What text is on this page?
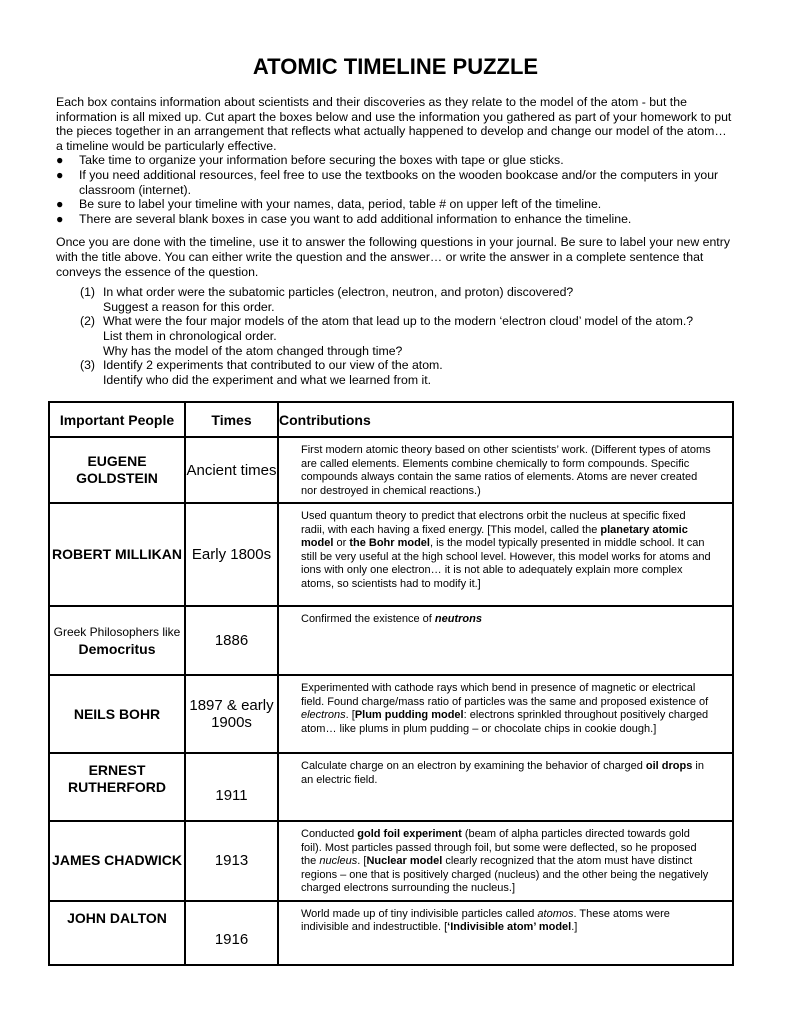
ATOMIC TIMELINE PUZZLE

Each box contains information about scientists and their discoveries as they relate to the model of the atom - but the information is all mixed up. Cut apart the boxes below and use the information you gathered as part of your homework to put the pieces together in an arrangement that reflects what actually happened to develop and change our model of the atom… a timeline would be particularly effective.

● Take time to organize your information before securing the boxes with tape or glue sticks.
● If you need additional resources, feel free to use the textbooks on the wooden bookcase and/or the computers in your classroom (internet).
● Be sure to label your timeline with your names, data, period, table # on upper left of the timeline.
● There are several blank boxes in case you want to add additional information to enhance the timeline.

Once you are done with the timeline, use it to answer the following questions in your journal. Be sure to label your new entry with the title above. You can either write the question and the answer… or write the answer in a complete sentence that conveys the essence of the question.

(1) In what order were the subatomic particles (electron, neutron, and proton) discovered?
Suggest a reason for this order.
(2) What were the four major models of the atom that lead up to the modern ‘electron cloud’ model of the atom.?
List them in chronological order.
Why has the model of the atom changed through time?
(3) Identify 2 experiments that contributed to our view of the atom.
Identify who did the experiment and what we learned from it.
Important People	Times	Contributions
EUGENE GOLDSTEIN	Ancient times	First modern atomic theory based on other scientists’ work. (Different types of atoms are called elements. Elements combine chemically to form compounds. Specific compounds always contain the same ratios of elements. Atoms are never created nor destroyed in chemical reactions.)
ROBERT MILLIKAN	Early 1800s	Used quantum theory to predict that electrons orbit the nucleus at specific fixed radii, with each having a fixed energy. [This model, called the planetary atomic model or the Bohr model, is the model typically presented in middle school. It can still be very useful at the high school level. However, this model works for atoms and ions with only one electron… it is not able to adequately explain more complex atoms, so scientists had to modify it.]
Greek Philosophers like Democritus	1886	Confirmed the existence of neutrons
NEILS BOHR	1897 & early 1900s	Experimented with cathode rays which bend in presence of magnetic or electrical field. Found charge/mass ratio of particles was the same and proposed existence of electrons. [Plum pudding model: electrons sprinkled throughout positively charged atom… like plums in plum pudding – or chocolate chips in cookie dough.]
ERNEST RUTHERFORD	1911	Calculate charge on an electron by examining the behavior of charged oil drops in an electric field.
JAMES CHADWICK	1913	Conducted gold foil experiment (beam of alpha particles directed towards gold foil). Most particles passed through foil, but some were deflected, so he proposed the nucleus. [Nuclear model clearly recognized that the atom must have distinct regions – one that is positively charged (nucleus) and the other being the negatively charged electrons surrounding the nucleus.]
JOHN DALTON	1916	World made up of tiny indivisible particles called atomos. These atoms were indivisible and indestructible. [‘Indivisible atom’ model.]
